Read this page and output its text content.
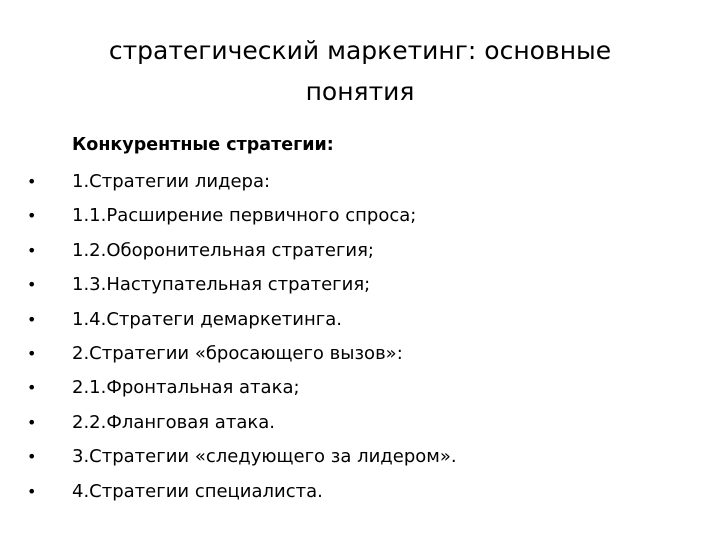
стратегический маркетинг: основные понятия
Конкурентные стратегии:
• 1.Стратегии лидера:
• 1.1.Расширение первичного спроса;
• 1.2.Оборонительная стратегия;
• 1.3.Наступательная стратегия;
• 1.4.Стратеги демаркетинга.
• 2.Стратегии «бросающего вызов»:
• 2.1.Фронтальная атака;
• 2.2.Фланговая атака.
• 3.Стратегии «следующего за лидером».
• 4.Стратегии специалиста.
